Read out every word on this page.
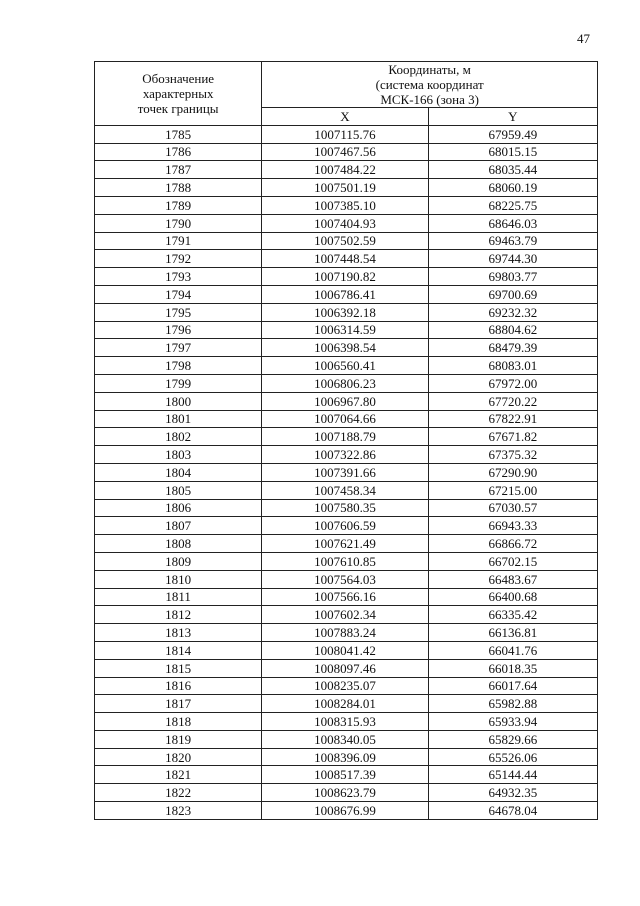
47
Обозначение
характерных
точек границы	Координаты, м
(система координат
МСК-166 (зона 3)	

	X	Y
1785	1007115.76	67959.49
1786	1007467.56	68015.15
1787	1007484.22	68035.44
1788	1007501.19	68060.19
1789	1007385.10	68225.75
1790	1007404.93	68646.03
1791	1007502.59	69463.79
1792	1007448.54	69744.30
1793	1007190.82	69803.77
1794	1006786.41	69700.69
1795	1006392.18	69232.32
1796	1006314.59	68804.62
1797	1006398.54	68479.39
1798	1006560.41	68083.01
1799	1006806.23	67972.00
1800	1006967.80	67720.22
1801	1007064.66	67822.91
1802	1007188.79	67671.82
1803	1007322.86	67375.32
1804	1007391.66	67290.90
1805	1007458.34	67215.00
1806	1007580.35	67030.57
1807	1007606.59	66943.33
1808	1007621.49	66866.72
1809	1007610.85	66702.15
1810	1007564.03	66483.67
1811	1007566.16	66400.68
1812	1007602.34	66335.42
1813	1007883.24	66136.81
1814	1008041.42	66041.76
1815	1008097.46	66018.35
1816	1008235.07	66017.64
1817	1008284.01	65982.88
1818	1008315.93	65933.94
1819	1008340.05	65829.66
1820	1008396.09	65526.06
1821	1008517.39	65144.44
1822	1008623.79	64932.35
1823	1008676.99	64678.04
